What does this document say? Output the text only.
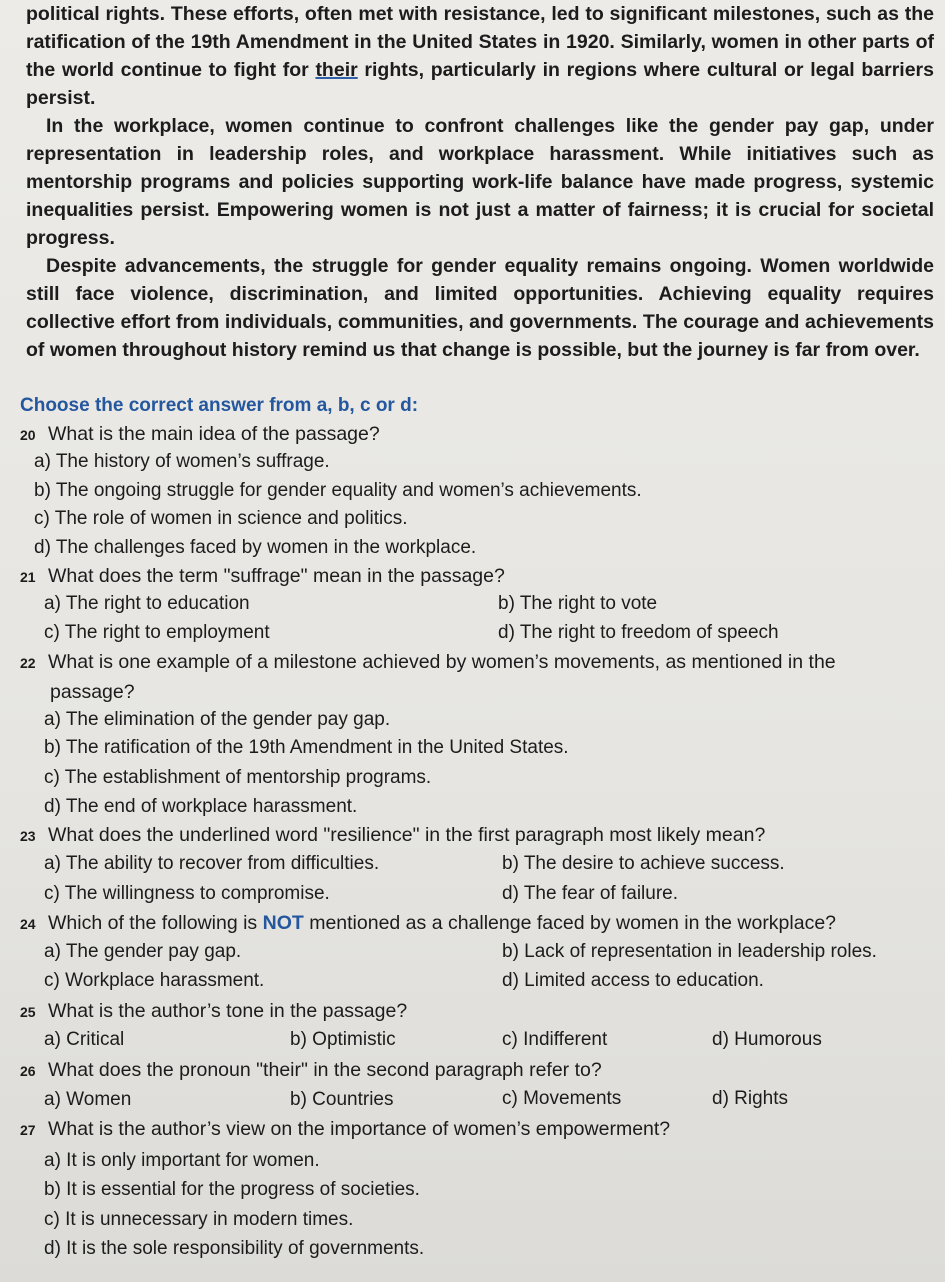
political rights. These efforts, often met with resistance, led to significant milestones, such as the ratification of the 19th Amendment in the United States in 1920. Similarly, women in other parts of the world continue to fight for their rights, particularly in regions where cultural or legal barriers persist.

In the workplace, women continue to confront challenges like the gender pay gap, under representation in leadership roles, and workplace harassment. While initiatives such as mentorship programs and policies supporting work-life balance have made progress, systemic inequalities persist. Empowering women is not just a matter of fairness; it is crucial for societal progress.

Despite advancements, the struggle for gender equality remains ongoing. Women worldwide still face violence, discrimination, and limited opportunities. Achieving equality requires collective effort from individuals, communities, and governments. The courage and achievements of women throughout history remind us that change is possible, but the journey is far from over.

Choose the correct answer from a, b, c or d:
20 What is the main idea of the passage?
a) The history of women’s suffrage.
b) The ongoing struggle for gender equality and women’s achievements.
c) The role of women in science and politics.
d) The challenges faced by women in the workplace.
21 What does the term "suffrage" mean in the passage?
a) The right to education	b) The right to vote
c) The right to employment	d) The right to freedom of speech
22 What is one example of a milestone achieved by women’s movements, as mentioned in the
passage?
a) The elimination of the gender pay gap.
b) The ratification of the 19th Amendment in the United States.
c) The establishment of mentorship programs.
d) The end of workplace harassment.
23 What does the underlined word "resilience" in the first paragraph most likely mean?
a) The ability to recover from difficulties.	b) The desire to achieve success.
c) The willingness to compromise.	d) The fear of failure.
24 Which of the following is NOT mentioned as a challenge faced by women in the workplace?
a) The gender pay gap.	b) Lack of representation in leadership roles.
c) Workplace harassment.	d) Limited access to education.
25 What is the author’s tone in the passage?
a) Critical	b) Optimistic	c) Indifferent	d) Humorous
26 What does the pronoun "their" in the second paragraph refer to?
a) Women	b) Countries	c) Movements	d) Rights
27 What is the author’s view on the importance of women’s empowerment?
a) It is only important for women.
b) It is essential for the progress of societies.
c) It is unnecessary in modern times.
d) It is the sole responsibility of governments.
